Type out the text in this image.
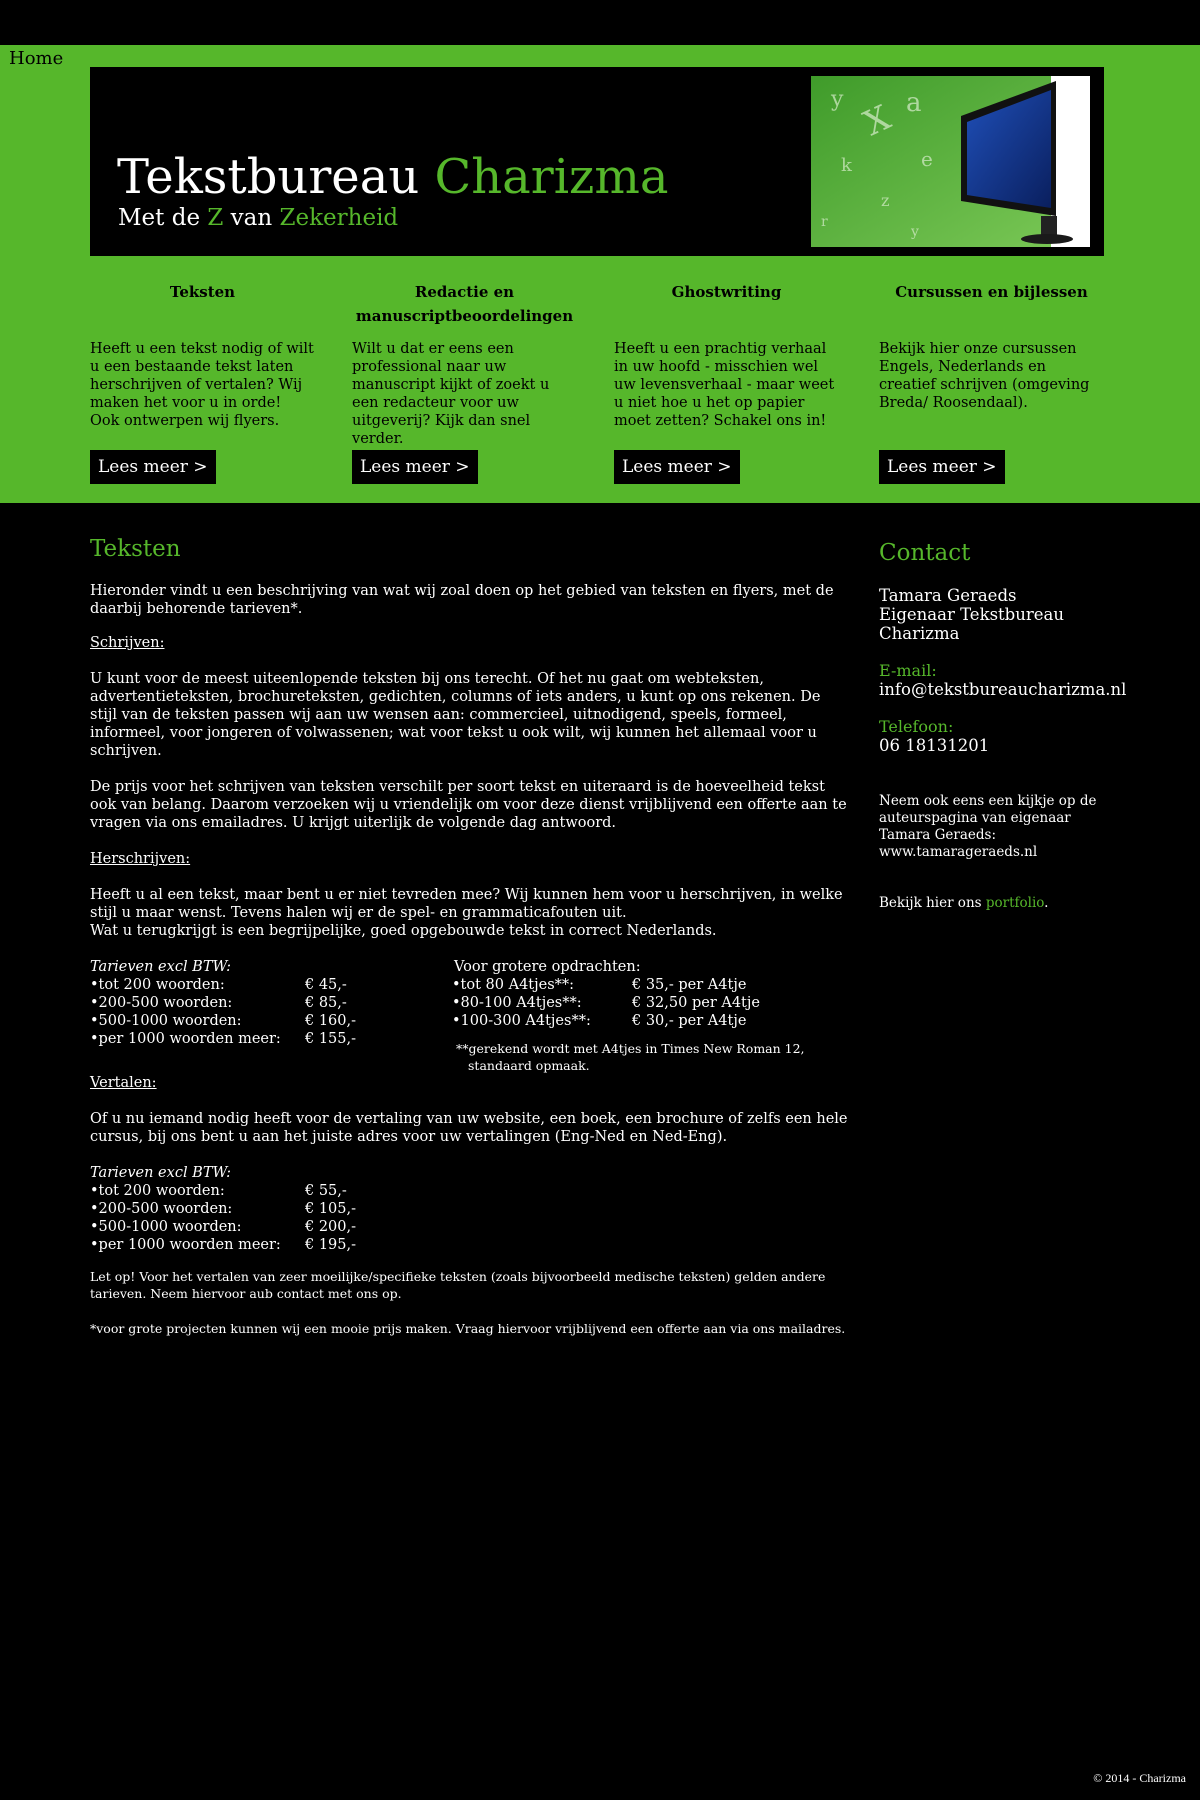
Home
Tekstbureau Charizma
Met de Z van Zekerheid
y X a
k	e
z
r
y
Teksten

Heeft u een tekst nodig of wilt u een bestaande tekst laten herschrijven of vertalen? Wij maken het voor u in orde! Ook ontwerpen wij flyers.

Lees meer >
Redactie en manuscriptbeoordelingen

Wilt u dat er eens een professional naar uw manuscript kijkt of zoekt u een redacteur voor uw uitgeverij? Kijk dan snel verder.

Lees meer >
Ghostwriting

Heeft u een prachtig verhaal in uw hoofd - misschien wel uw levensverhaal - maar weet u niet hoe u het op papier moet zetten? Schakel ons in!

Lees meer >
Cursussen en bijlessen

Bekijk hier onze cursussen Engels, Nederlands en creatief schrijven (omgeving Breda/ Roosendaal).

Lees meer >
Teksten

Hieronder vindt u een beschrijving van wat wij zoal doen op het gebied van teksten en flyers, met de daarbij behorende tarieven*.

Schrijven:

U kunt voor de meest uiteenlopende teksten bij ons terecht. Of het nu gaat om webteksten, advertentieteksten, brochureteksten, gedichten, columns of iets anders, u kunt op ons rekenen. De stijl van de teksten passen wij aan uw wensen aan: commercieel, uitnodigend, speels, formeel, informeel, voor jongeren of volwassenen; wat voor tekst u ook wilt, wij kunnen het allemaal voor u schrijven.

De prijs voor het schrijven van teksten verschilt per soort tekst en uiteraard is de hoeveelheid tekst ook van belang. Daarom verzoeken wij u vriendelijk om voor deze dienst vrijblijvend een offerte aan te vragen via ons emailadres. U krijgt uiterlijk de volgende dag antwoord.

Herschrijven:

Heeft u al een tekst, maar bent u er niet tevreden mee? Wij kunnen hem voor u herschrijven, in welke stijl u maar wenst. Tevens halen wij er de spel- en grammaticafouten uit.

Wat u terugkrijgt is een begrijpelijke, goed opgebouwde tekst in correct Nederlands.

Tarieven excl BTW:
•tot 200 woorden:	€ 45,-
•200-500 woorden:	€ 85,-
•500-1000 woorden:	€ 160,-
•per 1000 woorden meer: € 155,-
Voor grotere opdrachten:
•tot 80 A4tjes**:	€ 35,- per A4tje
•80-100 A4tjes**:	€ 32,50 per A4tje
•100-300 A4tjes**:	€ 30,- per A4tje
**gerekend wordt met A4tjes in Times New Roman 12,
standaard opmaak.

Vertalen:

Of u nu iemand nodig heeft voor de vertaling van uw website, een boek, een brochure of zelfs een hele cursus, bij ons bent u aan het juiste adres voor uw vertalingen (Eng-Ned en Ned-Eng).

Tarieven excl BTW:
•tot 200 woorden:	€ 55,-
•200-500 woorden:	€ 105,-
•500-1000 woorden:	€ 200,-
•per 1000 woorden meer: € 195,-

Let op! Voor het vertalen van zeer moeilijke/specifieke teksten (zoals bijvoorbeeld medische teksten) gelden andere tarieven. Neem hiervoor aub contact met ons op.

*voor grote projecten kunnen wij een mooie prijs maken. Vraag hiervoor vrijblijvend een offerte aan via ons mailadres.

Contact
Tamara Geraeds
Eigenaar Tekstbureau
Charizma
E-mail:
info@tekstbureaucharizma.nl
Telefoon:
06 18131201
Neem ook eens een kijkje op de auteurspagina van eigenaar Tamara Geraeds: www.tamarageraeds.nl
Bekijk hier ons portfolio.
© 2014 - Charizma
